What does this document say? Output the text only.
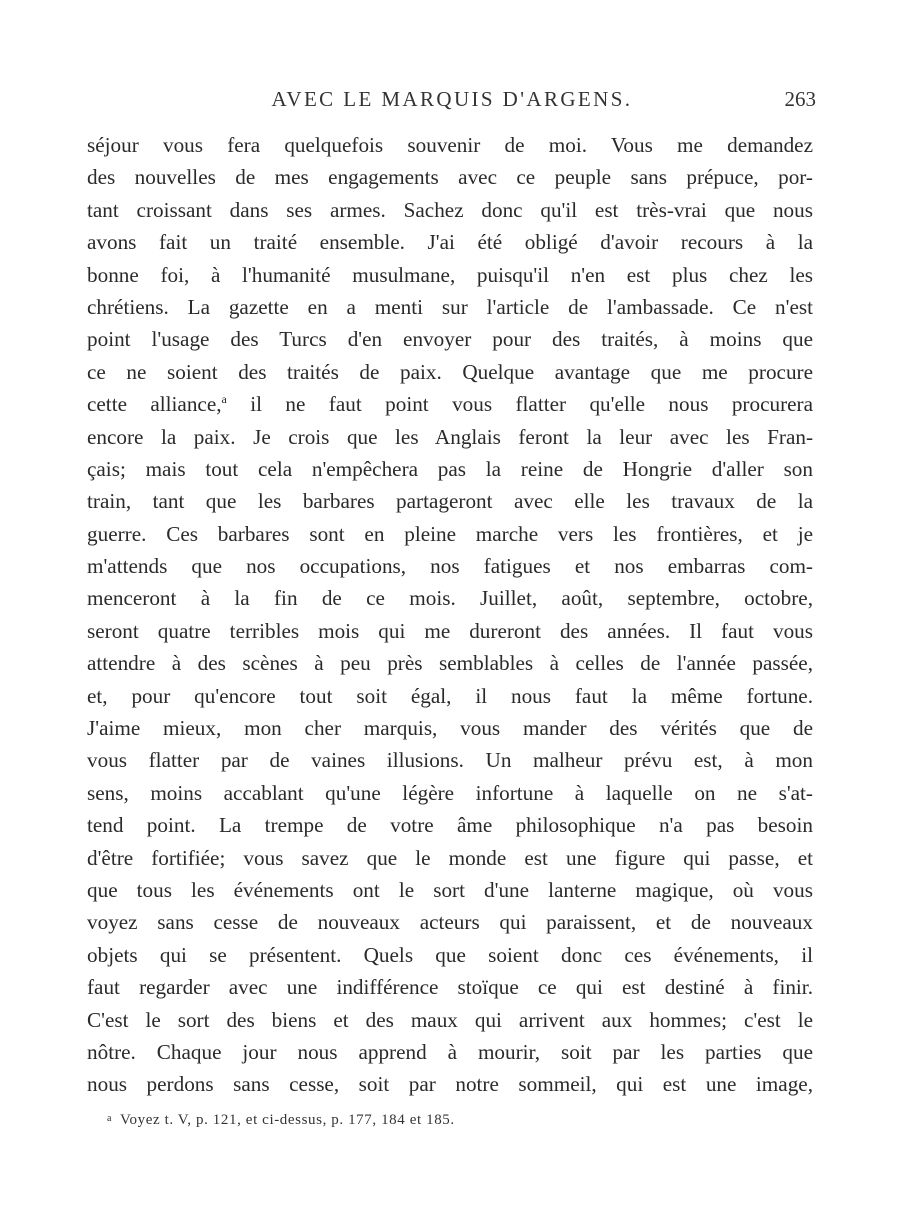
AVEC LE MARQUIS D'ARGENS.	263
séjour vous fera quelquefois souvenir de moi. Vous me demandez
des nouvelles de mes engagements avec ce peuple sans prépuce, por-
tant croissant dans ses armes. Sachez donc qu'il est très-vrai que nous
avons fait un traité ensemble. J'ai été obligé d'avoir recours à la
bonne foi, à l'humanité musulmane, puisqu'il n'en est plus chez les
chrétiens. La gazette en a menti sur l'article de l'ambassade. Ce n'est
point l'usage des Turcs d'en envoyer pour des traités, à moins que
ce ne soient des traités de paix. Quelque avantage que me procure
cette alliance,$^a$ il ne faut point vous flatter qu'elle nous procurera
encore la paix. Je crois que les Anglais feront la leur avec les Fran-
çais; mais tout cela n'empêchera pas la reine de Hongrie d'aller son
train, tant que les barbares partageront avec elle les travaux de la
guerre. Ces barbares sont en pleine marche vers les frontières, et je
m'attends que nos occupations, nos fatigues et nos embarras com-
menceront à la fin de ce mois. Juillet, août, septembre, octobre,
seront quatre terribles mois qui me dureront des années. Il faut vous
attendre à des scènes à peu près semblables à celles de l'année passée,
et, pour qu'encore tout soit égal, il nous faut la même fortune.
J'aime mieux, mon cher marquis, vous mander des vérités que de
vous flatter par de vaines illusions. Un malheur prévu est, à mon
sens, moins accablant qu'une légère infortune à laquelle on ne s'at-
tend point. La trempe de votre âme philosophique n'a pas besoin
d'être fortifiée; vous savez que le monde est une figure qui passe, et
que tous les événements ont le sort d'une lanterne magique, où vous
voyez sans cesse de nouveaux acteurs qui paraissent, et de nouveaux
objets qui se présentent. Quels que soient donc ces événements, il
faut regarder avec une indifférence stoïque ce qui est destiné à finir.
C'est le sort des biens et des maux qui arrivent aux hommes; c'est le
nôtre. Chaque jour nous apprend à mourir, soit par les parties que
nous perdons sans cesse, soit par notre sommeil, qui est une image,
$^a$ Voyez t. V, p. 121, et ci-dessus, p. 177, 184 et 185.
